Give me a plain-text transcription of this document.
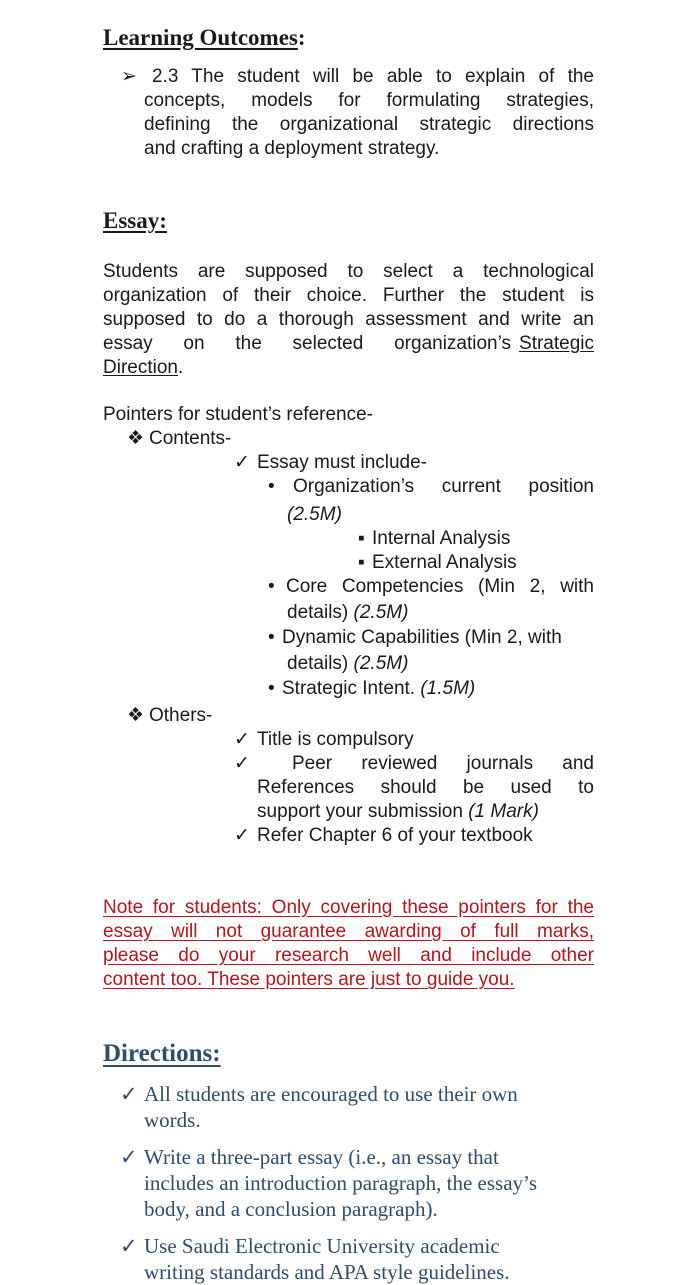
Learning Outcomes:
➢ 2.3 The student will be able to explain of the
concepts, models for formulating strategies,
defining the organizational strategic directions
and crafting a deployment strategy.
Essay:
Students are supposed to select a technological
organization of their choice. Further the student is
supposed to do a thorough assessment and write an
essay on the selected organization’s Strategic
Direction.
Pointers for student’s reference-
❖ Contents-
✓ Essay must include-
• Organization’s current position
(2.5M)
▪ Internal Analysis
▪ External Analysis
• Core Competencies (Min 2, with
details) (2.5M)
• Dynamic Capabilities (Min 2, with
details) (2.5M)
• Strategic Intent. (1.5M)
❖ Others-
✓ Title is compulsory
✓ Peer reviewed journals and
References should be used to
support your submission (1 Mark)
✓ Refer Chapter 6 of your textbook
Note for students: Only covering these pointers for the
essay will not guarantee awarding of full marks,
please do your research well and include other
content too. These pointers are just to guide you.
Directions:
✓ All students are encouraged to use their own
words.
✓ Write a three-part essay (i.e., an essay that
includes an introduction paragraph, the essay’s
body, and a conclusion paragraph).
✓ Use Saudi Electronic University academic
writing standards and APA style guidelines.
